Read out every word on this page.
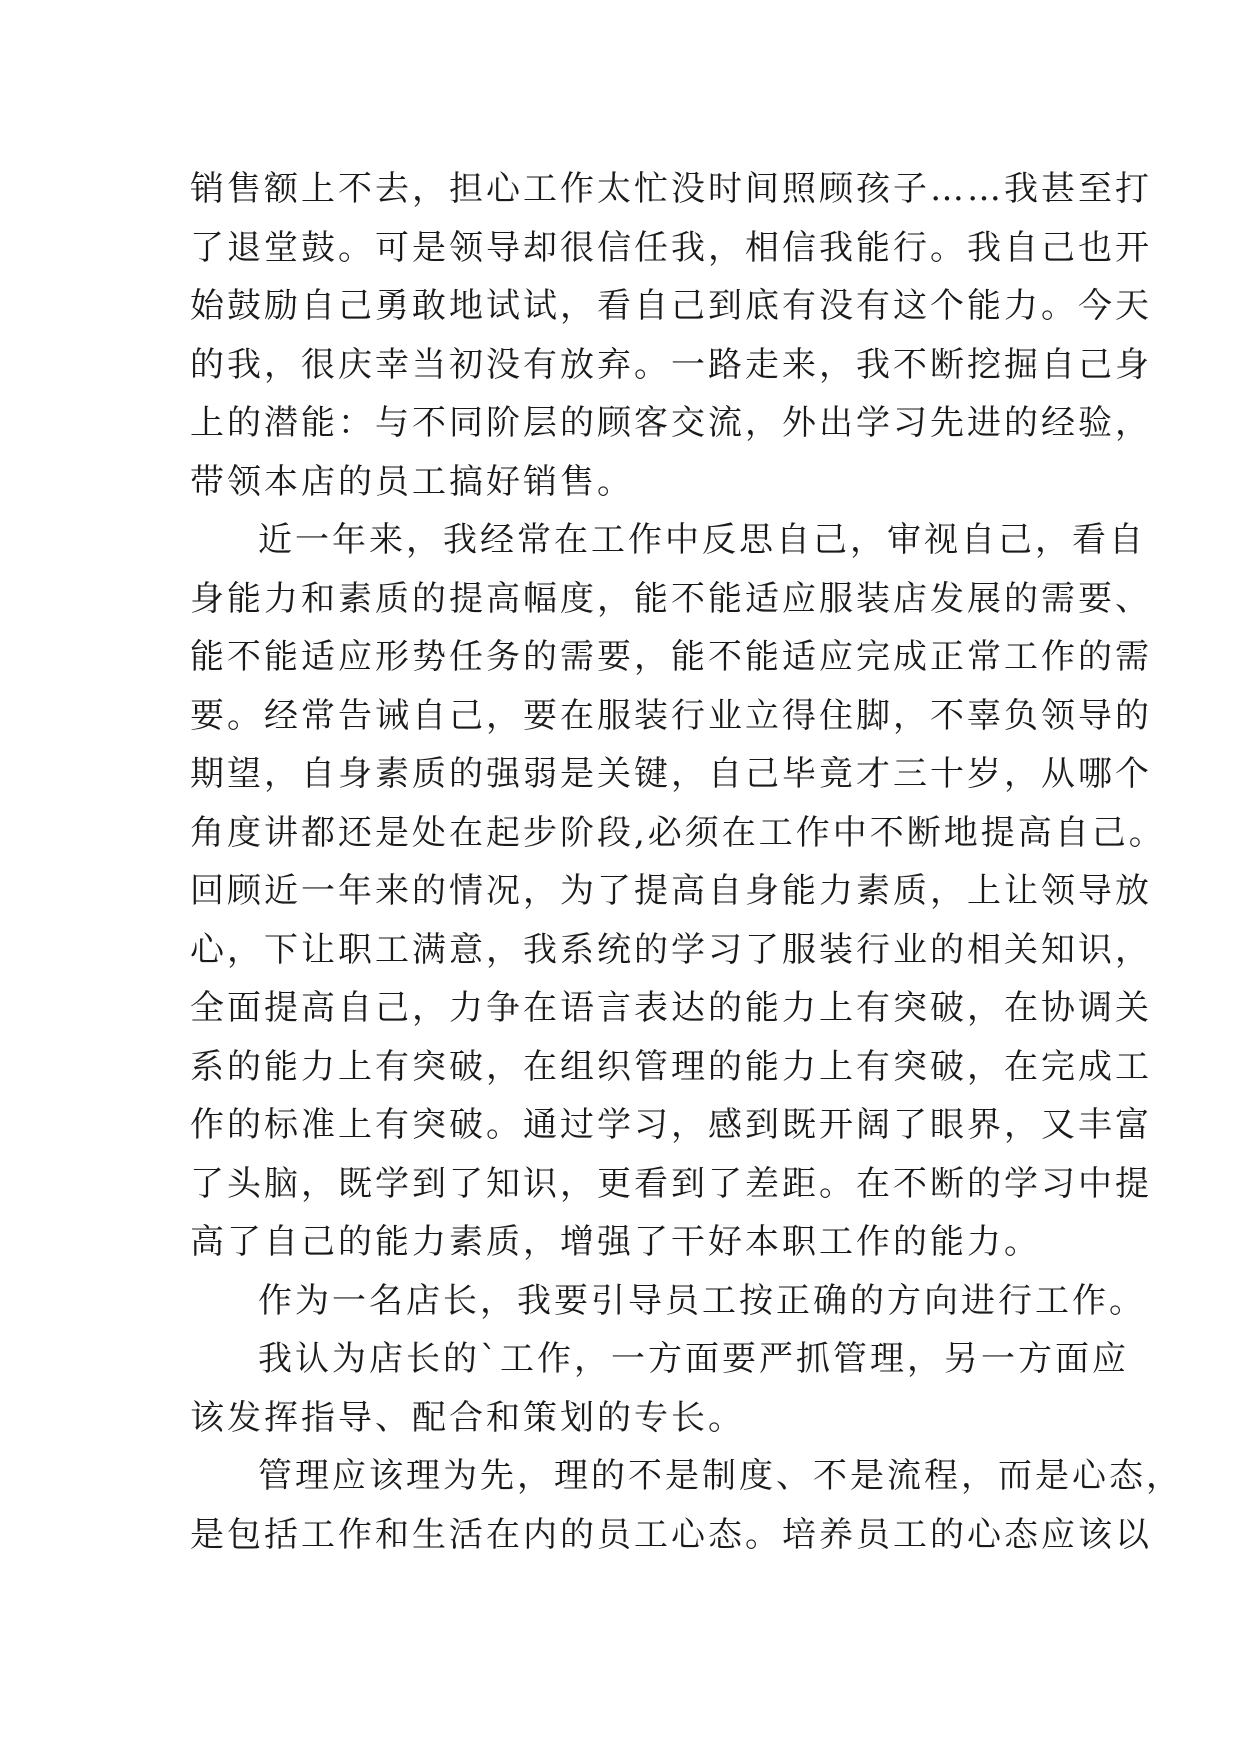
销售额上不去，担心工作太忙没时间照顾孩子……我甚至打
了退堂鼓。可是领导却很信任我，相信我能行。我自己也开
始鼓励自己勇敢地试试，看自己到底有没有这个能力。今天
的我，很庆幸当初没有放弃。一路走来，我不断挖掘自己身
上的潜能：与不同阶层的顾客交流，外出学习先进的经验，
带领本店的员工搞好销售。
近一年来，我经常在工作中反思自己，审视自己，看自
身能力和素质的提高幅度，能不能适应服装店发展的需要、
能不能适应形势任务的需要，能不能适应完成正常工作的需
要。经常告诫自己，要在服装行业立得住脚，不辜负领导的
期望，自身素质的强弱是关键，自己毕竟才三十岁，从哪个
角度讲都还是处在起步阶段,必须在工作中不断地提高自己。
回顾近一年来的情况，为了提高自身能力素质，上让领导放
心，下让职工满意，我系统的学习了服装行业的相关知识，
全面提高自己，力争在语言表达的能力上有突破，在协调关
系的能力上有突破，在组织管理的能力上有突破，在完成工
作的标准上有突破。通过学习，感到既开阔了眼界，又丰富
了头脑，既学到了知识，更看到了差距。在不断的学习中提
高了自己的能力素质，增强了干好本职工作的能力。
作为一名店长，我要引导员工按正确的方向进行工作。
我认为店长的`工作，一方面要严抓管理，另一方面应
该发挥指导、配合和策划的专长。
管理应该理为先，理的不是制度、不是流程，而是心态，
是包括工作和生活在内的员工心态。培养员工的心态应该以
